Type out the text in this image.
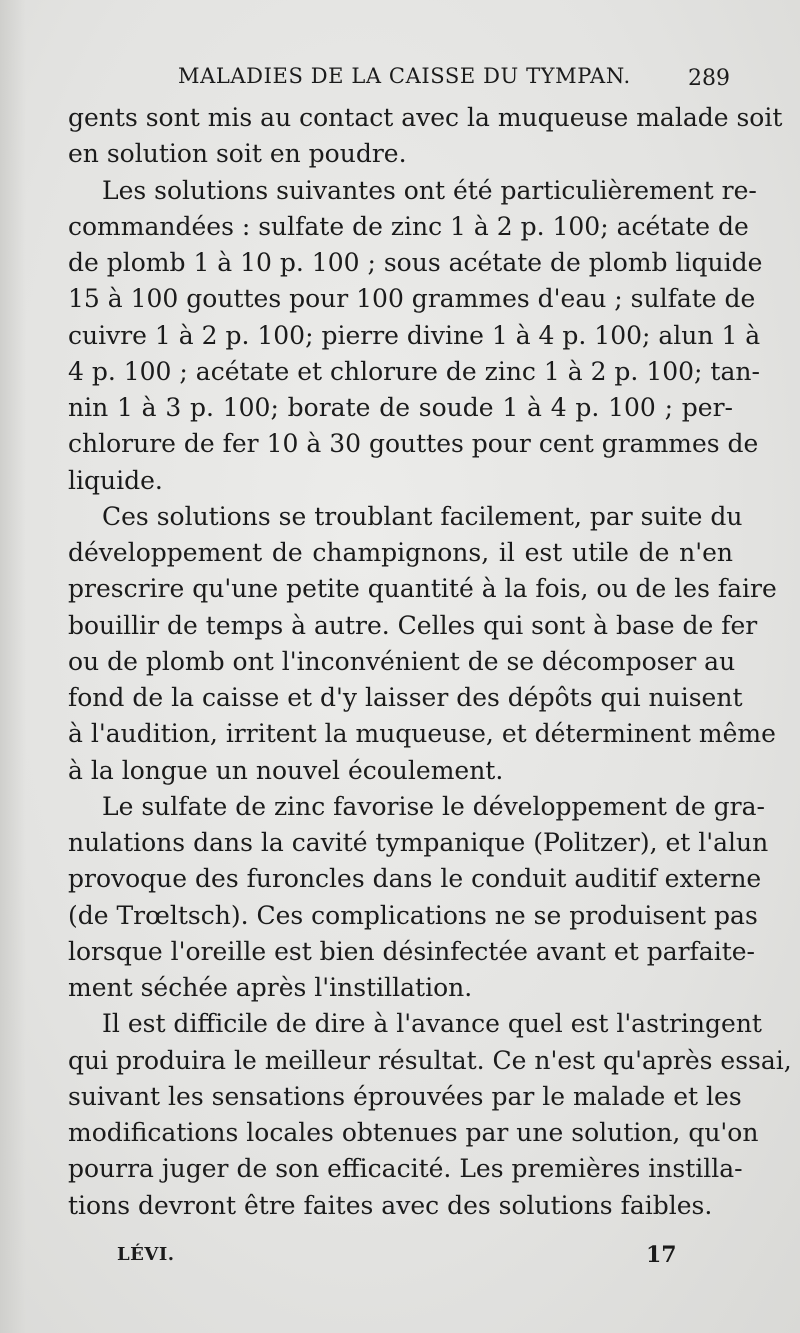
MALADIES DE LA CAISSE DU TYMPAN.	289
gents sont mis au contact avec la muqueuse malade soit
en solution soit en poudre.
Les solutions suivantes ont été particulièrement re-
commandées : sulfate de zinc 1 à 2 p. 100; acétate de
de plomb 1 à 10 p. 100 ; sous acétate de plomb liquide
15 à 100 gouttes pour 100 grammes d'eau ; sulfate de
cuivre 1 à 2 p. 100; pierre divine 1 à 4 p. 100; alun 1 à
4 p. 100 ; acétate et chlorure de zinc 1 à 2 p. 100; tan-
nin 1 à 3 p. 100; borate de soude 1 à 4 p. 100 ; per-
chlorure de fer 10 à 30 gouttes pour cent grammes de
liquide.
Ces solutions se troublant facilement, par suite du
développement de champignons, il est utile de n'en
prescrire qu'une petite quantité à la fois, ou de les faire
bouillir de temps à autre. Celles qui sont à base de fer
ou de plomb ont l'inconvénient de se décomposer au
fond de la caisse et d'y laisser des dépôts qui nuisent
à l'audition, irritent la muqueuse, et déterminent même
à la longue un nouvel écoulement.
Le sulfate de zinc favorise le développement de gra-
nulations dans la cavité tympanique (Politzer), et l'alun
provoque des furoncles dans le conduit auditif externe
(de Trœltsch). Ces complications ne se produisent pas
lorsque l'oreille est bien désinfectée avant et parfaite-
ment séchée après l'instillation.
Il est difficile de dire à l'avance quel est l'astringent
qui produira le meilleur résultat. Ce n'est qu'après essai,
suivant les sensations éprouvées par le malade et les
modifications locales obtenues par une solution, qu'on
pourra juger de son efficacité. Les premières instilla-
tions devront être faites avec des solutions faibles.
LÉVI.	17
